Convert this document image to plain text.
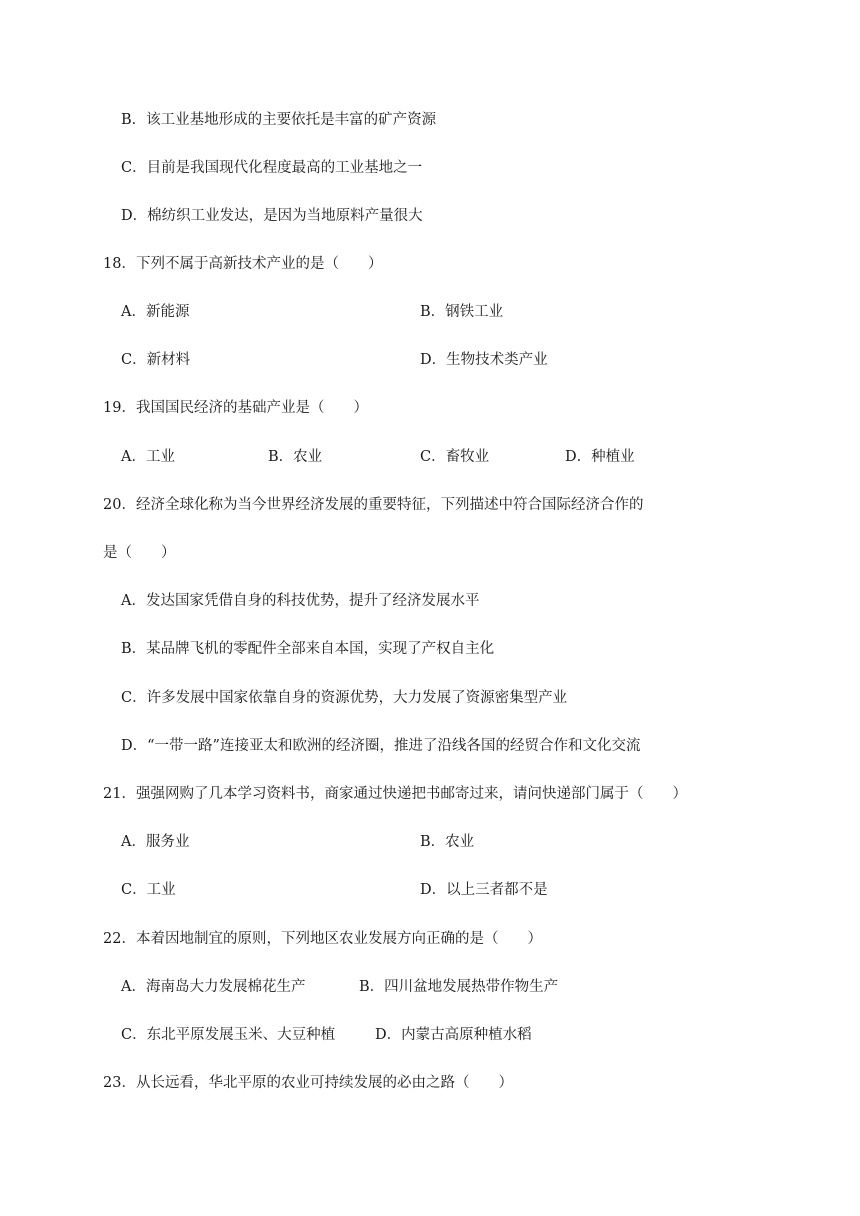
B．该工业基地形成的主要依托是丰富的矿产资源
C．目前是我国现代化程度最高的工业基地之一
D．棉纺织工业发达，是因为当地原料产量很大
18．下列不属于高新技术产业的是（　　）
A．新能源	B．钢铁工业
C．新材料	D．生物技术类产业
19．我国国民经济的基础产业是（　　）
A．工业	B．农业	C．畜牧业	D．种植业
20．经济全球化称为当今世界经济发展的重要特征，下列描述中符合国际经济合作的
是（　　）
A．发达国家凭借自身的科技优势，提升了经济发展水平
B．某品牌飞机的零配件全部来自本国，实现了产权自主化
C．许多发展中国家依靠自身的资源优势，大力发展了资源密集型产业
D．“一带一路”连接亚太和欧洲的经济圈，推进了沿线各国的经贸合作和文化交流
21．强强网购了几本学习资料书，商家通过快递把书邮寄过来，请问快递部门属于（　　）
A．服务业	B．农业
C．工业	D．以上三者都不是
22．本着因地制宜的原则，下列地区农业发展方向正确的是（　　）
A．海南岛大力发展棉花生产	B．四川盆地发展热带作物生产
C．东北平原发展玉米、大豆种植	D．内蒙古高原种植水稻
23．从长远看，华北平原的农业可持续发展的必由之路（　　）
